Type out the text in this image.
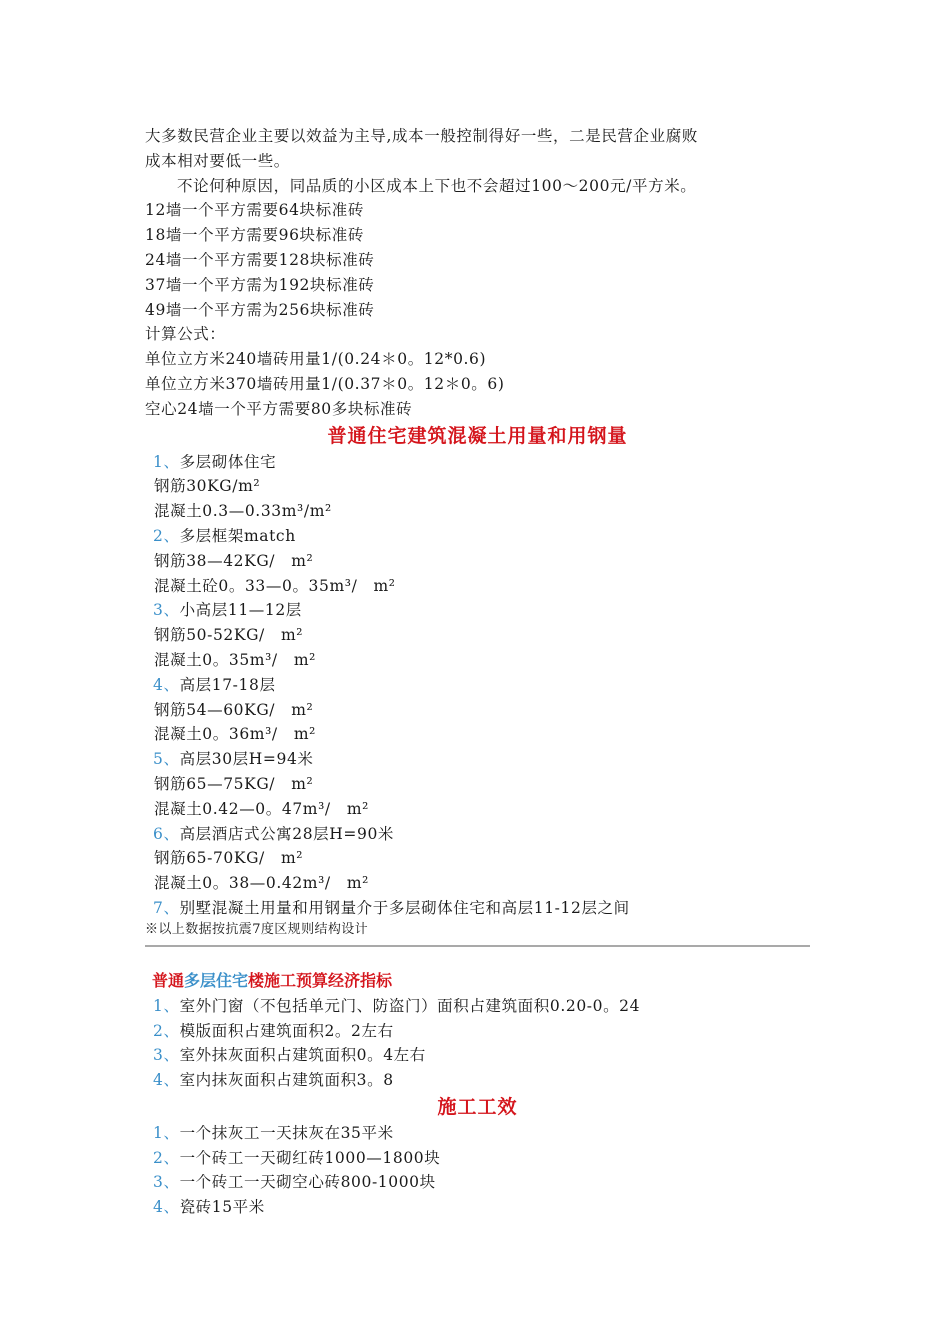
大多数民营企业主要以效益为主导,成本一般控制得好一些，二是民营企业腐败
成本相对要低一些。
不论何种原因，同品质的小区成本上下也不会超过100～200元/平方米。
12墙一个平方需要64块标准砖
18墙一个平方需要96块标准砖
24墙一个平方需要128块标准砖
37墙一个平方需为192块标准砖
49墙一个平方需为256块标准砖
计算公式：
单位立方米240墙砖用量1/(0.24＊0。12*0.6)
单位立方米370墙砖用量1/(0.37＊0。12＊0。6)
空心24墙一个平方需要80多块标准砖
普通住宅建筑混凝土用量和用钢量
1、多层砌体住宅
钢筋30KG/m²
混凝土0.3—0.33m³/m²
2、多层框架match
钢筋38—42KG/　m²
混凝土砼0。33—0。35m³/　m²
3、小高层11—12层
钢筋50-52KG/　m²
混凝土0。35m³/　m²
4、高层17-18层
钢筋54—60KG/　m²
混凝土0。36m³/　m²
5、高层30层H=94米
钢筋65—75KG/　m²
混凝土0.42—0。47m³/　m²
6、高层酒店式公寓28层H=90米
钢筋65-70KG/　m²
混凝土0。38—0.42m³/　m²
7、别墅混凝土用量和用钢量介于多层砌体住宅和高层11-12层之间
※以上数据按抗震7度区规则结构设计
普通多层住宅楼施工预算经济指标
1、室外门窗（不包括单元门、防盗门）面积占建筑面积0.20-0。24
2、模版面积占建筑面积2。2左右
3、室外抹灰面积占建筑面积0。4左右
4、室内抹灰面积占建筑面积3。8
施工工效
1、一个抹灰工一天抹灰在35平米
2、一个砖工一天砌红砖1000—1800块
3、一个砖工一天砌空心砖800-1000块
4、瓷砖15平米
